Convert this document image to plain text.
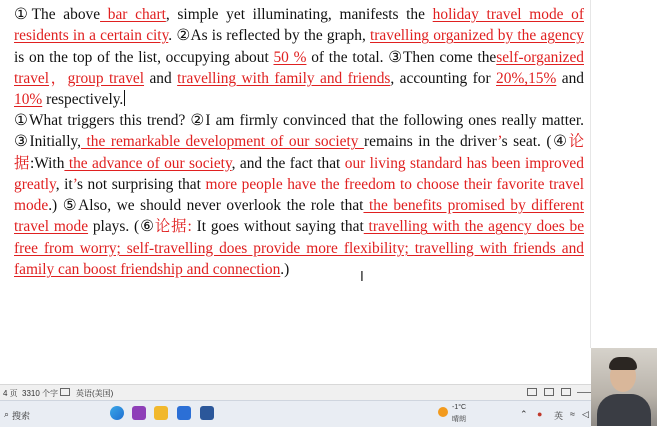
①The above bar chart, simple yet illuminating, manifests the holiday travel mode of residents in a certain city. ②As is reflected by the graph, travelling organized by the agency is on the top of the list, occupying about 50 % of the total. ③Then come theself-organized travel，group travel and travelling with family and friends, accounting for 20%,15% and 10% respectively.

①What triggers this trend? ②I am firmly convinced that the following ones really matter. ③Initially, the remarkable development of our society remains in the driver’s seat. (④论据:With the advance of our society, and the fact that our living standard has been improved greatly, it’s not surprising that more people have the freedom to choose their favorite travel mode.) ⑤Also, we should never overlook the role that the benefits promised by different travel mode plays. (⑥论据: It goes without saying that travelling with the agency does be free from worry; self-travelling does provide more flexibility; travelling with friends and family can boost friendship and connection.)	I
4 页 3310 个字 英语(美国)
⌕ 搜索
-1°C
晴朗
⌃ ● 英 ≈ ◁
